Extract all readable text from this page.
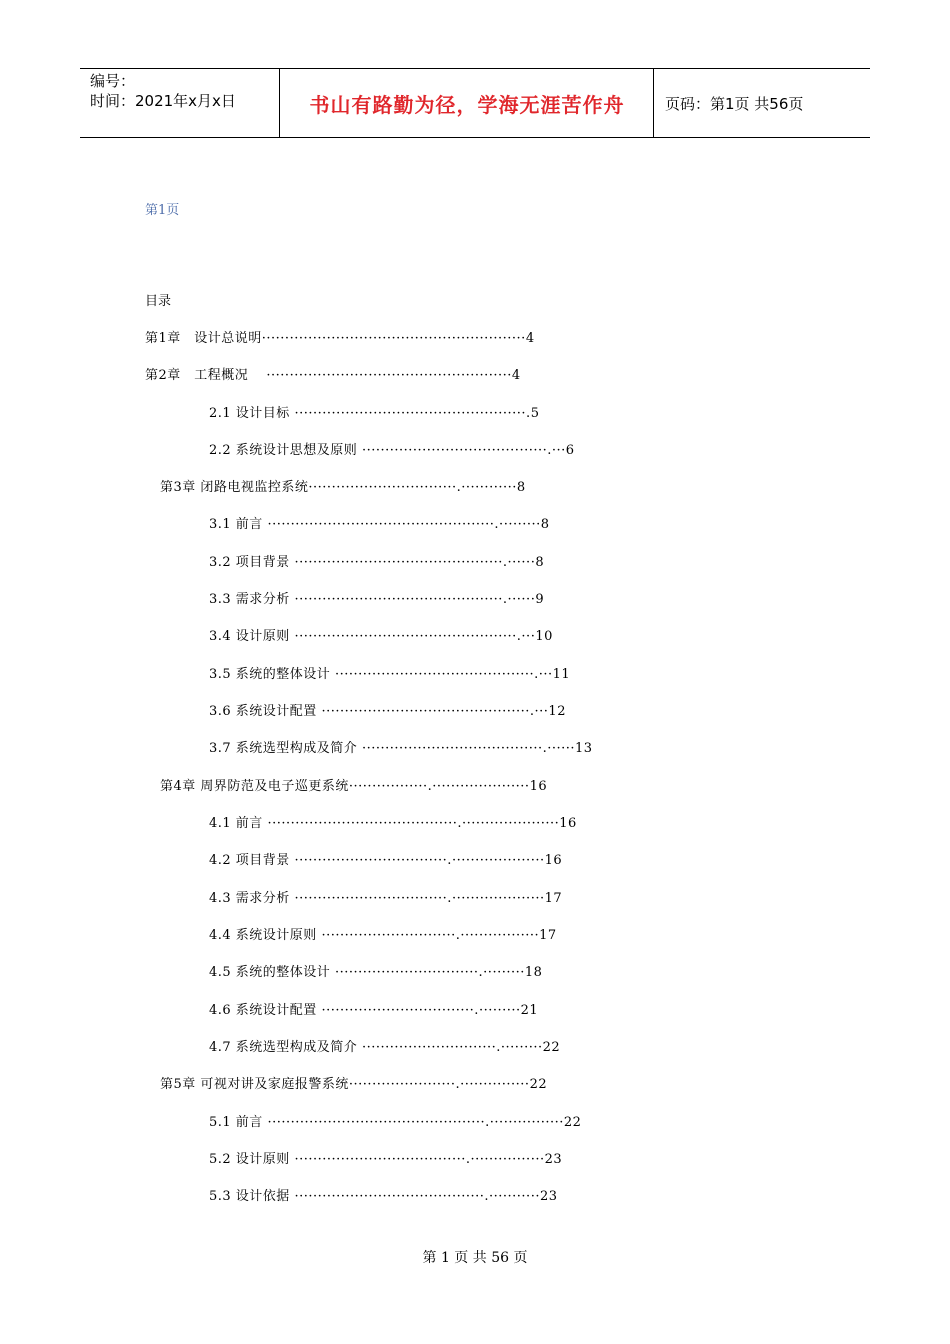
编号：
时间：2021年x月x日	书山有路勤为径，学海无涯苦作舟	页码：第1页 共56页
第1页
目录
第1章　设计总说明·························································4
第2章　工程概况　 ·····················································4
2.1 设计目标 ··················································.5
2.2 系统设计思想及原则 ········································.···6
第3章 闭路电视监控系统································.············8
3.1 前言 ·················································.·········8
3.2 项目背景 ·············································.······8
3.3 需求分析 ·············································.······9
3.4 设计原则 ················································.···10
3.5 系统的整体设计 ···········································.···11
3.6 系统设计配置 ·············································.···12
3.7 系统选型构成及简介 ·······································.······13
第4章 周界防范及电子巡更系统·················.·····················16
4.1 前言 ·········································.·····················16
4.2 项目背景 ·································.····················16
4.3 需求分析 ·································.····················17
4.4 系统设计原则 ·····························.·················17
4.5 系统的整体设计 ·······························.·········18
4.6 系统设计配置 ·································.·········21
4.7 系统选型构成及简介 ·····························.·········22
第5章 可视对讲及家庭报警系统·······················.···············22
5.1 前言 ···············································.················22
5.2 设计原则 ·····································.················23
5.3 设计依据 ·········································.···········23
第 1 页 共 56 页
